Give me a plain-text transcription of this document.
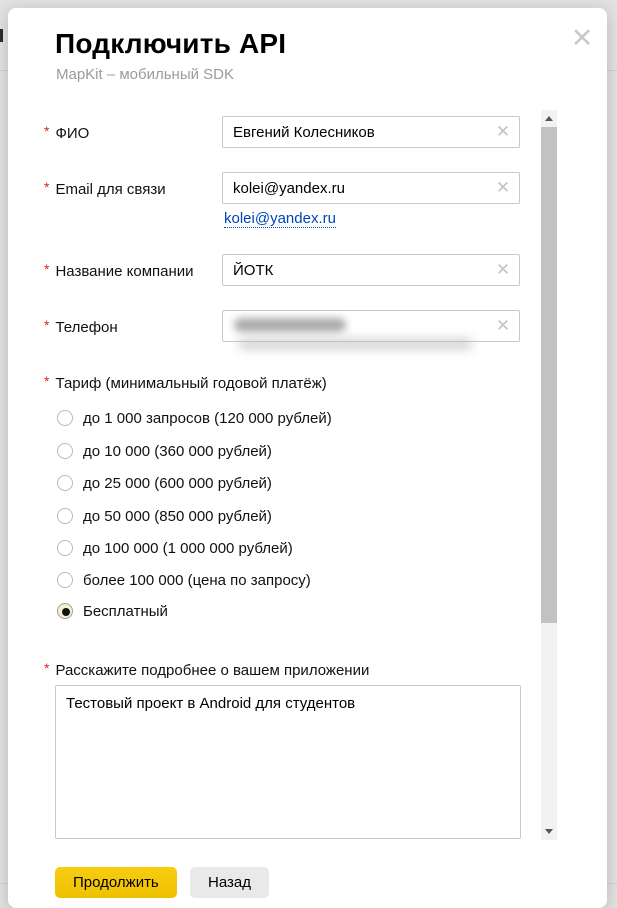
Подключить API
MapKit – мобильный SDK
✕
* ФИО
Евгений Колесников	✕
* Email для связи
kolei@yandex.ru	✕
kolei@yandex.ru
* Название компании
ЙОТК	✕
* Телефон	✕
* Тариф (минимальный годовой платёж)
до 1 000 запросов (120 000 рублей)
до 10 000 (360 000 рублей)
до 25 000 (600 000 рублей)
до 50 000 (850 000 рублей)
до 100 000 (1 000 000 рублей)
более 100 000 (цена по запросу)
Бесплатный
* Расскажите подробнее о вашем приложении
Тестовый проект в Android для студентов
Продолжить	Назад
